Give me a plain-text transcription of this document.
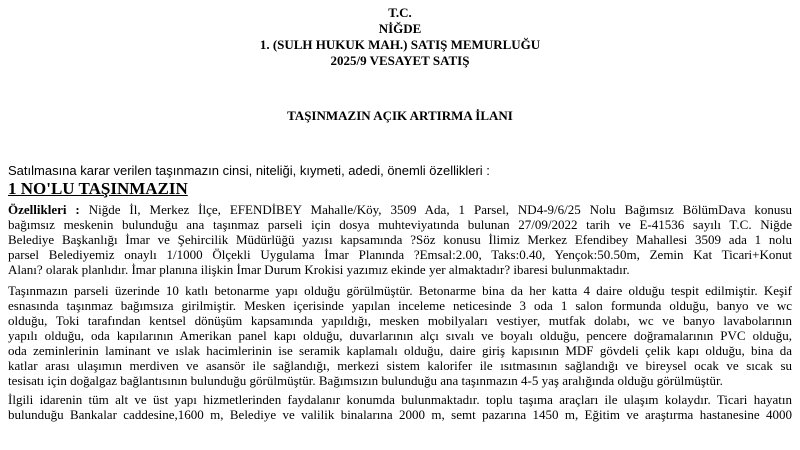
T.C.
NİĞDE
1. (SULH HUKUK MAH.) SATIŞ MEMURLUĞU
2025/9 VESAYET SATIŞ
TAŞINMAZIN AÇIK ARTIRMA İLANI
Satılmasına karar verilen taşınmazın cinsi, niteliği, kıymeti, adedi, önemli özellikleri :
1 NO'LU TAŞINMAZIN
Özellikleri : Niğde İl, Merkez İlçe, EFENDİBEY Mahalle/Köy, 3509 Ada, 1 Parsel, ND4-9/6/25 Nolu Bağımsız BölümDava konusu
bağımsız meskenin bulunduğu ana taşınmaz parseli için dosya muhteviyatında bulunan 27/09/2022 tarih ve E-41536 sayılı T.C. Niğde
Belediye Başkanlığı İmar ve Şehircilik Müdürlüğü yazısı kapsamında ?Söz konusu İlimiz Merkez Efendibey Mahallesi 3509 ada 1 nolu
parsel Belediyemiz onaylı 1/1000 Ölçekli Uygulama İmar Planında ?Emsal:2.00, Taks:0.40, Yençok:50.50m, Zemin Kat Ticari+Konut
Alanı? olarak planlıdır. İmar planına ilişkin İmar Durum Krokisi yazımız ekinde yer almaktadır? ibaresi bulunmaktadır.
Taşınmazın parseli üzerinde 10 katlı betonarme yapı olduğu görülmüştür. Betonarme bina da her katta 4 daire olduğu tespit edilmiştir. Keşif
esnasında taşınmaz bağımsıza girilmiştir. Mesken içerisinde yapılan inceleme neticesinde 3 oda 1 salon formunda olduğu, banyo ve wc
olduğu, Toki tarafından kentsel dönüşüm kapsamında yapıldığı, mesken mobilyaları vestiyer, mutfak dolabı, wc ve banyo lavabolarının
yapılı olduğu, oda kapılarının Amerikan panel kapı olduğu, duvarlarının alçı sıvalı ve boyalı olduğu, pencere doğramalarının PVC olduğu,
oda zeminlerinin laminant ve ıslak hacimlerinin ise seramik kaplamalı olduğu, daire giriş kapısının MDF gövdeli çelik kapı olduğu, bina da
katlar arası ulaşımın merdiven ve asansör ile sağlandığı, merkezi sistem kalorifer ile ısıtmasının sağlandığı ve bireysel ocak ve sıcak su
tesisatı için doğalgaz bağlantısının bulunduğu görülmüştür. Bağımsızın bulunduğu ana taşınmazın 4-5 yaş aralığında olduğu görülmüştür.
İlgili idarenin tüm alt ve üst yapı hizmetlerinden faydalanır konumda bulunmaktadır. toplu taşıma araçları ile ulaşım kolaydır. Ticari hayatın
bulunduğu Bankalar caddesine,1600 m, Belediye ve valilik binalarına 2000 m, semt pazarına 1450 m, Eğitim ve araştırma hastanesine 4000
